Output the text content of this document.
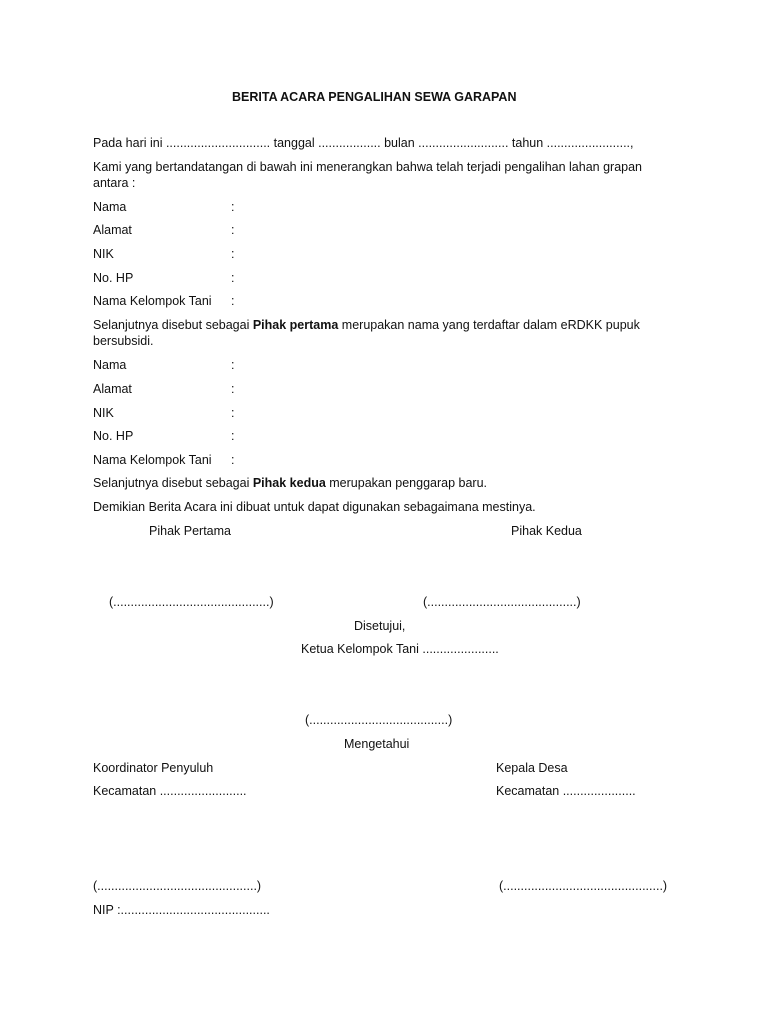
BERITA ACARA PENGALIHAN SEWA GARAPAN
Pada hari ini .............................. tanggal .................. bulan .......................... tahun ........................,
Kami yang bertandatangan di bawah ini menerangkan bahwa telah terjadi pengalihan lahan grapan
antara :
Nama	:
Alamat	:
NIK	:
No. HP	:
Nama Kelompok Tani :
Selanjutnya disebut sebagai Pihak pertama merupakan nama yang terdaftar dalam eRDKK pupuk
bersubsidi.
Nama	:
Alamat	:
NIK	:
No. HP	:
Nama Kelompok Tani :
Selanjutnya disebut sebagai Pihak kedua merupakan penggarap baru.
Demikian Berita Acara ini dibuat untuk dapat digunakan sebagaimana mestinya.
Pihak Pertama	Pihak Kedua
(.............................................)	(...........................................)
Disetujui,
Ketua Kelompok Tani ......................
(........................................)
Mengetahui
Koordinator Penyuluh	Kepala Desa
Kecamatan .........................	Kecamatan .....................
(..............................................)	(..............................................)
NIP :...........................................
